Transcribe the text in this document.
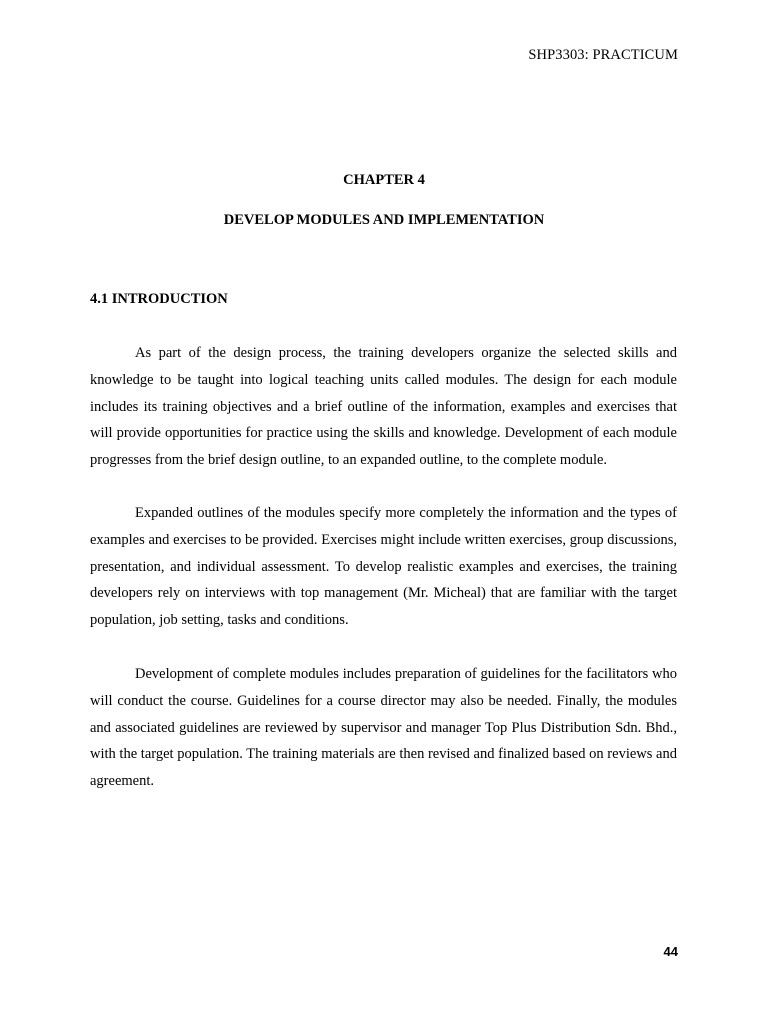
SHP3303: PRACTICUM
CHAPTER 4
DEVELOP MODULES AND IMPLEMENTATION
4.1 INTRODUCTION

As part of the design process, the training developers organize the selected skills and knowledge to be taught into logical teaching units called modules. The design for each module includes its training objectives and a brief outline of the information, examples and exercises that will provide opportunities for practice using the skills and knowledge. Development of each module progresses from the brief design outline, to an expanded outline, to the complete module.

Expanded outlines of the modules specify more completely the information and the types of examples and exercises to be provided. Exercises might include written exercises, group discussions, presentation, and individual assessment. To develop realistic examples and exercises, the training developers rely on interviews with top management (Mr. Micheal) that are familiar with the target population, job setting, tasks and conditions.

Development of complete modules includes preparation of guidelines for the facilitators who will conduct the course. Guidelines for a course director may also be needed. Finally, the modules and associated guidelines are reviewed by supervisor and manager Top Plus Distribution Sdn. Bhd., with the target population. The training materials are then revised and finalized based on reviews and agreement.

44
